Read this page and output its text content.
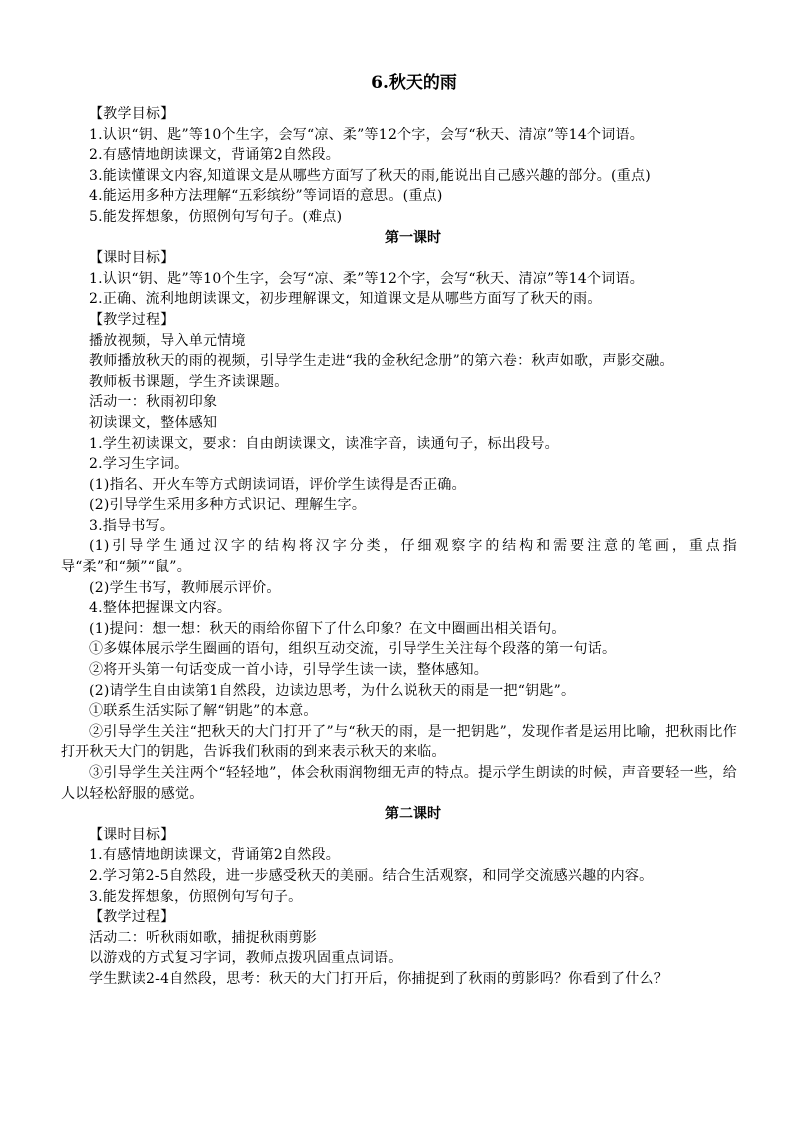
6.秋天的雨
【教学目标】
1.认识“钥、匙”等10个生字，会写“凉、柔”等12个字，会写“秋天、清凉”等14个词语。
2.有感情地朗读课文，背诵第2自然段。
3.能读懂课文内容,知道课文是从哪些方面写了秋天的雨,能说出自己感兴趣的部分。(重点)
4.能运用多种方法理解“五彩缤纷”等词语的意思。(重点)
5.能发挥想象，仿照例句写句子。(难点)
第一课时
【课时目标】
1.认识“钥、匙”等10个生字，会写“凉、柔”等12个字，会写“秋天、清凉”等14个词语。
2.正确、流利地朗读课文，初步理解课文，知道课文是从哪些方面写了秋天的雨。
【教学过程】
播放视频，导入单元情境
教师播放秋天的雨的视频，引导学生走进“我的金秋纪念册”的第六卷：秋声如歌，声影交融。
教师板书课题，学生齐读课题。
活动一：秋雨初印象
初读课文，整体感知
1.学生初读课文，要求：自由朗读课文，读准字音，读通句子，标出段号。
2.学习生字词。
(1)指名、开火车等方式朗读词语，评价学生读得是否正确。
(2)引导学生采用多种方式识记、理解生字。
3.指导书写。
(1)引导学生通过汉字的结构将汉字分类，仔细观察字的结构和需要注意的笔画，重点指导“柔”和“频”“鼠”。
(2)学生书写，教师展示评价。
4.整体把握课文内容。
(1)提问：想一想：秋天的雨给你留下了什么印象？在文中圈画出相关语句。
①多媒体展示学生圈画的语句，组织互动交流，引导学生关注每个段落的第一句话。
②将开头第一句话变成一首小诗，引导学生读一读，整体感知。
(2)请学生自由读第1自然段，边读边思考，为什么说秋天的雨是一把“钥匙”。
①联系生活实际了解“钥匙”的本意。
②引导学生关注“把秋天的大门打开了”与“秋天的雨，是一把钥匙”，发现作者是运用比喻，把秋雨比作打开秋天大门的钥匙，告诉我们秋雨的到来表示秋天的来临。
③引导学生关注两个“轻轻地”，体会秋雨润物细无声的特点。提示学生朗读的时候，声音要轻一些，给人以轻松舒服的感觉。
第二课时
【课时目标】
1.有感情地朗读课文，背诵第2自然段。
2.学习第2-5自然段，进一步感受秋天的美丽。结合生活观察，和同学交流感兴趣的内容。
3.能发挥想象，仿照例句写句子。
【教学过程】
活动二：听秋雨如歌，捕捉秋雨剪影
以游戏的方式复习字词，教师点拨巩固重点词语。
学生默读2-4自然段，思考：秋天的大门打开后，你捕捉到了秋雨的剪影吗？你看到了什么？
